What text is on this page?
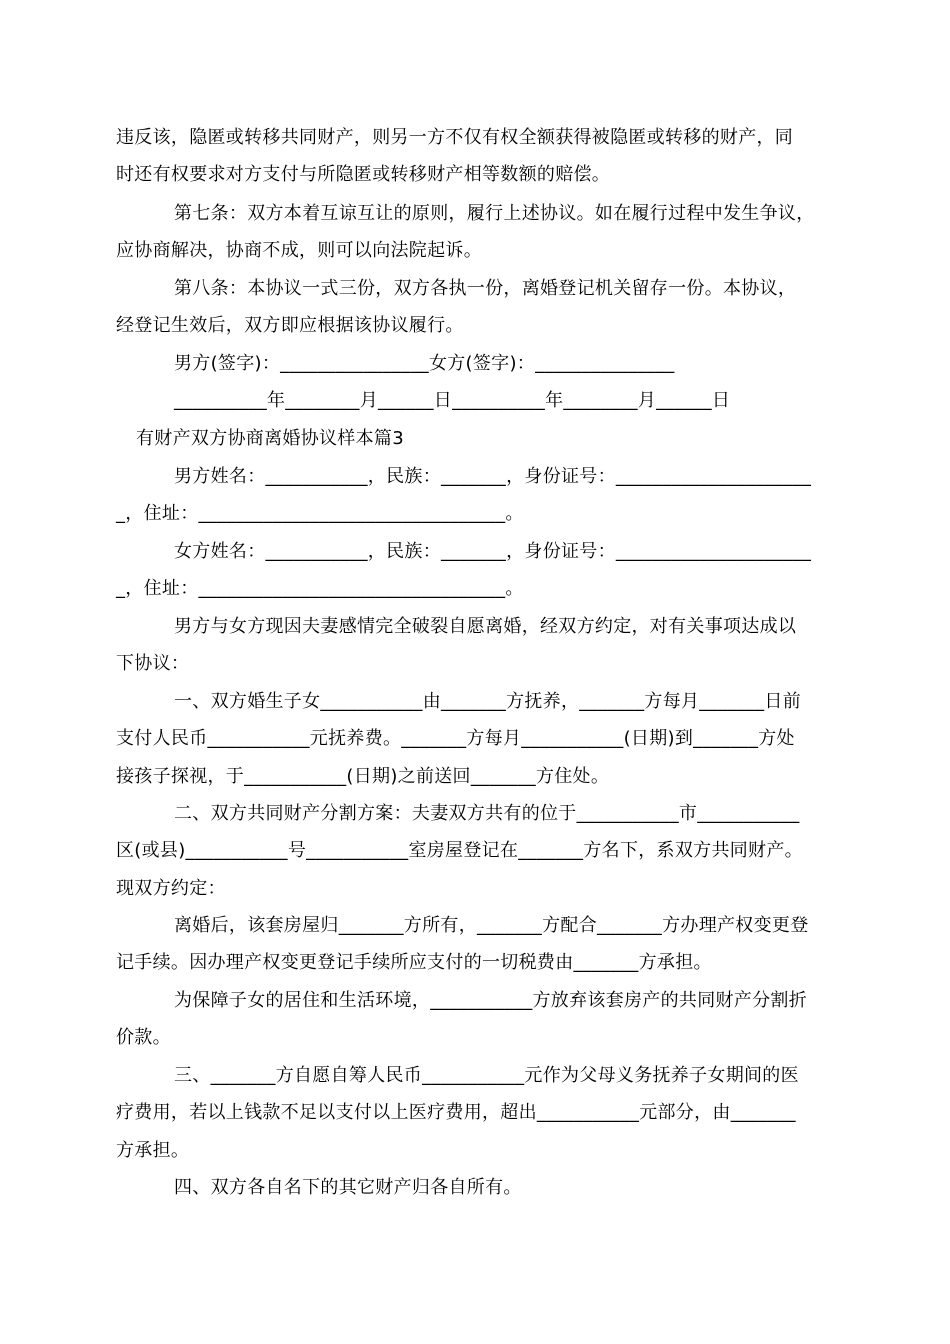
违反该，隐匿或转移共同财产，则另一方不仅有权全额获得被隐匿或转移的财产，同
时还有权要求对方支付与所隐匿或转移财产相等数额的赔偿。
第七条：双方本着互谅互让的原则，履行上述协议。如在履行过程中发生争议，
应协商解决，协商不成，则可以向法院起诉。
第八条：本协议一式三份，双方各执一份，离婚登记机关留存一份。本协议，
经登记生效后，双方即应根据该协议履行。
男方(签字)：________________女方(签字)：_______________
__________年________月______日__________年________月______日
有财产双方协商离婚协议样本篇3
男方姓名：___________，民族：_______，身份证号：_____________________
_，住址：_________________________________。
女方姓名：___________，民族：_______，身份证号：_____________________
_，住址：_________________________________。
男方与女方现因夫妻感情完全破裂自愿离婚，经双方约定，对有关事项达成以
下协议：
一、双方婚生子女___________由_______方抚养，_______方每月_______日前
支付人民币___________元抚养费。_______方每月___________(日期)到_______方处
接孩子探视，于___________(日期)之前送回_______方住处。
二、双方共同财产分割方案：夫妻双方共有的位于___________市___________
区(或县)___________号___________室房屋登记在_______方名下，系双方共同财产。
现双方约定：
离婚后，该套房屋归_______方所有，_______方配合_______方办理产权变更登
记手续。因办理产权变更登记手续所应支付的一切税费由_______方承担。
为保障子女的居住和生活环境，___________方放弃该套房产的共同财产分割折
价款。
三、_______方自愿自筹人民币___________元作为父母义务抚养子女期间的医
疗费用，若以上钱款不足以支付以上医疗费用，超出___________元部分，由_______
方承担。
四、双方各自名下的其它财产归各自所有。
